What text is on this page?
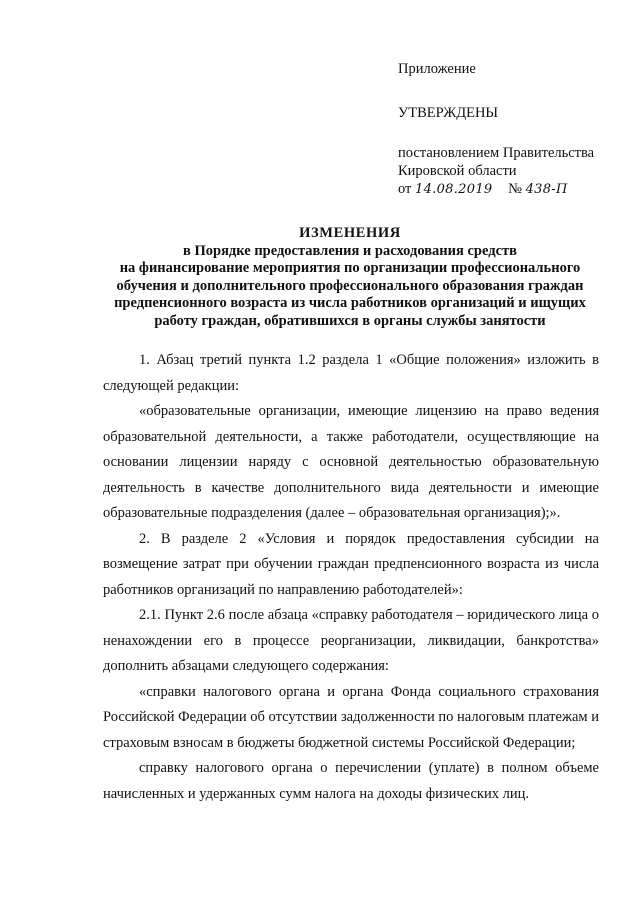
Приложение

УТВЕРЖДЕНЫ

постановлением Правительства
Кировской области
от 14.08.2019 № 438-П
ИЗМЕНЕНИЯ
в Порядке предоставления и расходования средств
на финансирование мероприятия по организации профессионального
обучения и дополнительного профессионального образования граждан
предпенсионного возраста из числа работников организаций и ищущих
работу граждан, обратившихся в органы службы занятости

1. Абзац третий пункта 1.2 раздела 1 «Общие положения» изложить в следующей редакции:

«образовательные организации, имеющие лицензию на право ведения образовательной деятельности, а также работодатели, осуществляющие на основании лицензии наряду с основной деятельностью образовательную деятельность в качестве дополнительного вида деятельности и имеющие образовательные подразделения (далее – образовательная организация);».

2. В разделе 2 «Условия и порядок предоставления субсидии на возмещение затрат при обучении граждан предпенсионного возраста из числа работников организаций по направлению работодателей»:

2.1. Пункт 2.6 после абзаца «справку работодателя – юридического лица о ненахождении его в процессе реорганизации, ликвидации, банкротства» дополнить абзацами следующего содержания:

«справки налогового органа и органа Фонда социального страхования Российской Федерации об отсутствии задолженности по налоговым платежам и страховым взносам в бюджеты бюджетной системы Российской Федерации;

справку налогового органа о перечислении (уплате) в полном объеме начисленных и удержанных сумм налога на доходы физических лиц.
